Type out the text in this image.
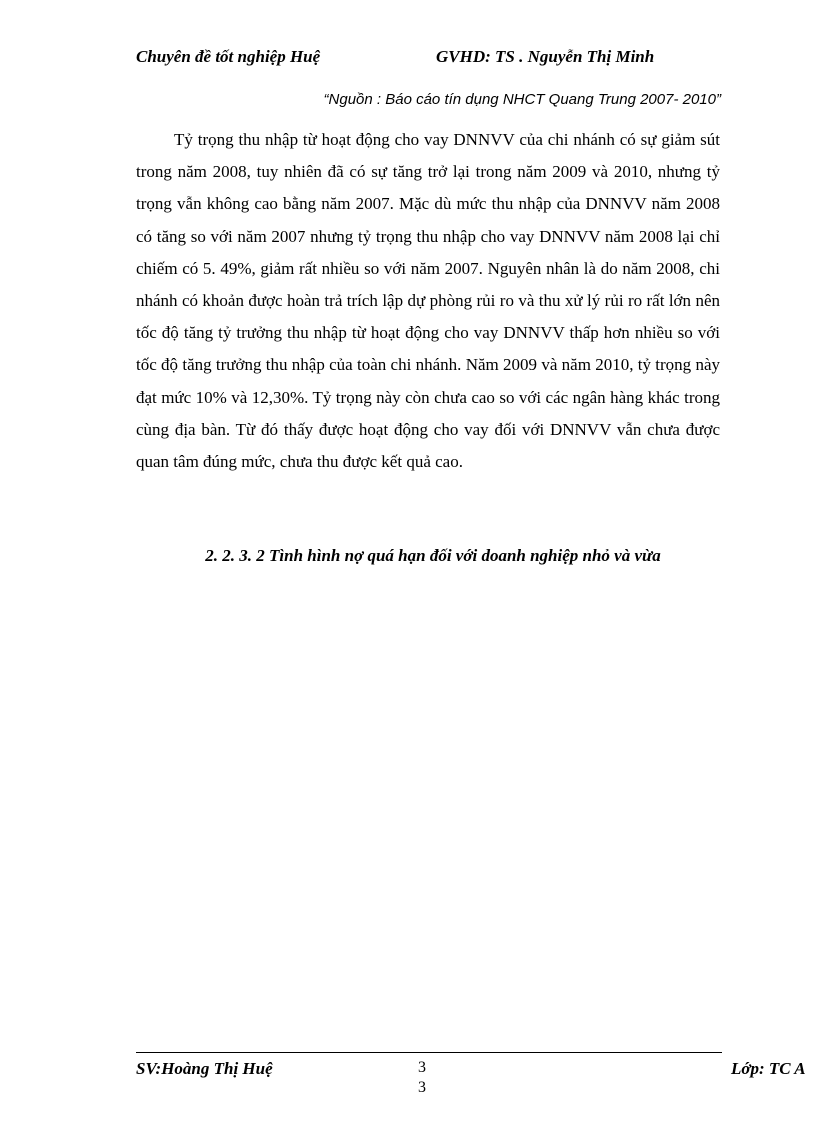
Chuyên đề tốt nghiệp Huệ	GVHD: TS . Nguyễn Thị Minh
“Nguồn : Báo cáo tín dụng NHCT Quang Trung 2007- 2010”

Tỷ trọng thu nhập từ hoạt động cho vay DNNVV của chi nhánh có sự giảm sút trong năm 2008, tuy nhiên đã có sự tăng trở lại trong năm 2009 và 2010, nhưng tỷ trọng vẫn không cao bằng năm 2007. Mặc dù mức thu nhập của DNNVV năm 2008 có tăng so với năm 2007 nhưng tỷ trọng thu nhập cho vay DNNVV năm 2008 lại chỉ chiếm có 5. 49%, giảm rất nhiều so với năm 2007. Nguyên nhân là do năm 2008, chi nhánh có khoản được hoàn trả trích lập dự phòng rủi ro và thu xử lý rủi ro rất lớn nên tốc độ tăng tỷ trưởng thu nhập từ hoạt động cho vay DNNVV thấp hơn nhiều so với tốc độ tăng trưởng thu nhập của toàn chi nhánh. Năm 2009 và năm 2010, tỷ trọng này đạt mức 10% và 12,30%. Tỷ trọng này còn chưa cao so với các ngân hàng khác trong cùng địa bàn. Từ đó thấy được hoạt động cho vay đối với DNNVV vẫn chưa được quan tâm đúng mức, chưa thu được kết quả cao.

2. 2. 3. 2 Tình hình nợ quá hạn đối với doanh nghiệp nhỏ và vừa
SV:Hoàng Thị Huệ	3
3
Lớp: TC A
